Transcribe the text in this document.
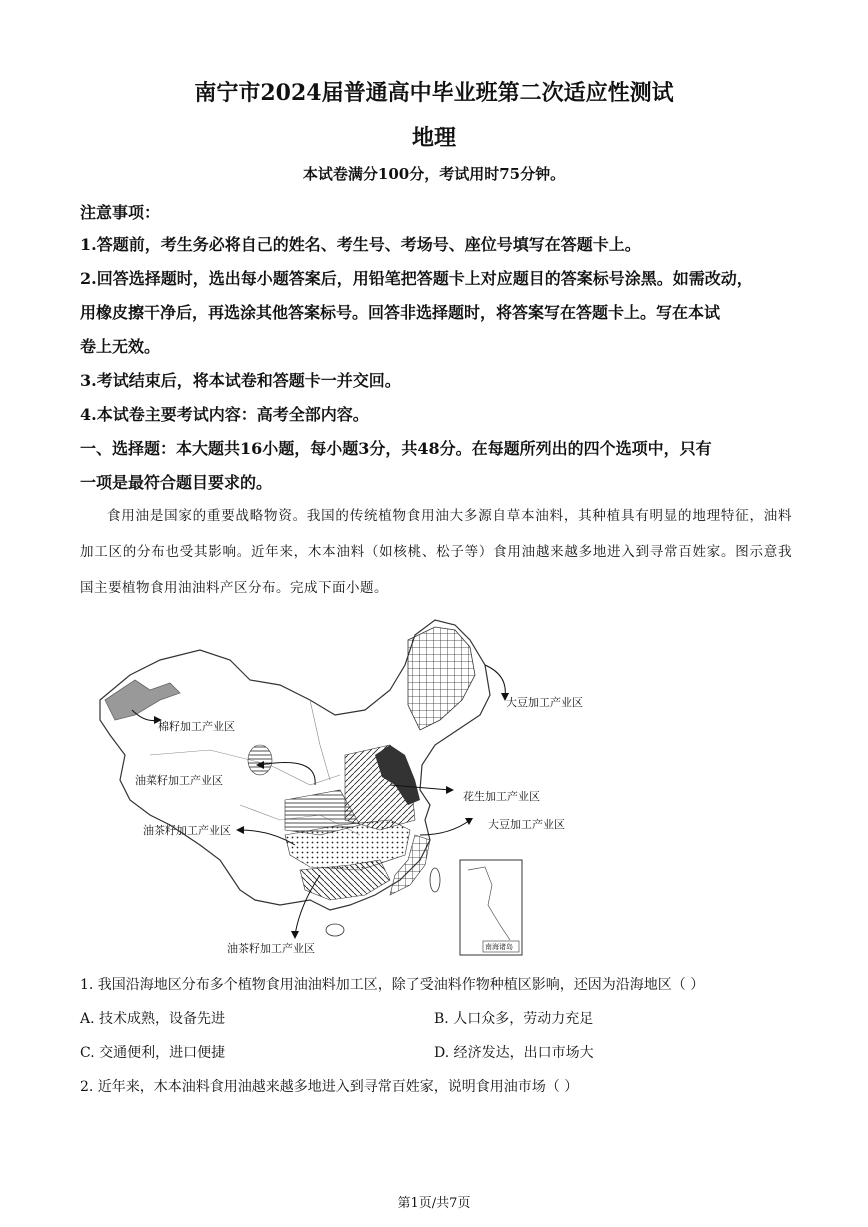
南宁市2024届普通高中毕业班第二次适应性测试
地理
本试卷满分100分，考试用时75分钟。
注意事项：
1.答题前，考生务必将自己的姓名、考生号、考场号、座位号填写在答题卡上。
2.回答选择题时，选出每小题答案后，用铅笔把答题卡上对应题目的答案标号涂黑。如需改动，
用橡皮擦干净后，再选涂其他答案标号。回答非选择题时，将答案写在答题卡上。写在本试
卷上无效。
3.考试结束后，将本试卷和答题卡一并交回。
4.本试卷主要考试内容：高考全部内容。
一、选择题：本大题共16小题，每小题3分，共48分。在每题所列出的四个选项中，只有
一项是最符合题目要求的。
食用油是国家的重要战略物资。我国的传统植物食用油大多源自草本油料，其种植具有明显的地理特征，油料加工区的分布也受其影响。近年来，木本油料（如核桃、松子等）食用油越来越多地进入到寻常百姓家。图示意我国主要植物食用油油料产区分布。完成下面小题。
大豆加工产业区
棉籽加工产业区
油菜籽加工产业区
花生加工产业区
大豆加工产业区
油茶籽加工产业区
油茶籽加工产业区	南海诸岛
1. 我国沿海地区分布多个植物食用油油料加工区，除了受油料作物种植区影响，还因为沿海地区（ ）
A. 技术成熟，设备先进	B. 人口众多，劳动力充足
C. 交通便利，进口便捷	D. 经济发达，出口市场大
2. 近年来，木本油料食用油越来越多地进入到寻常百姓家，说明食用油市场（ ）
第1页/共7页
